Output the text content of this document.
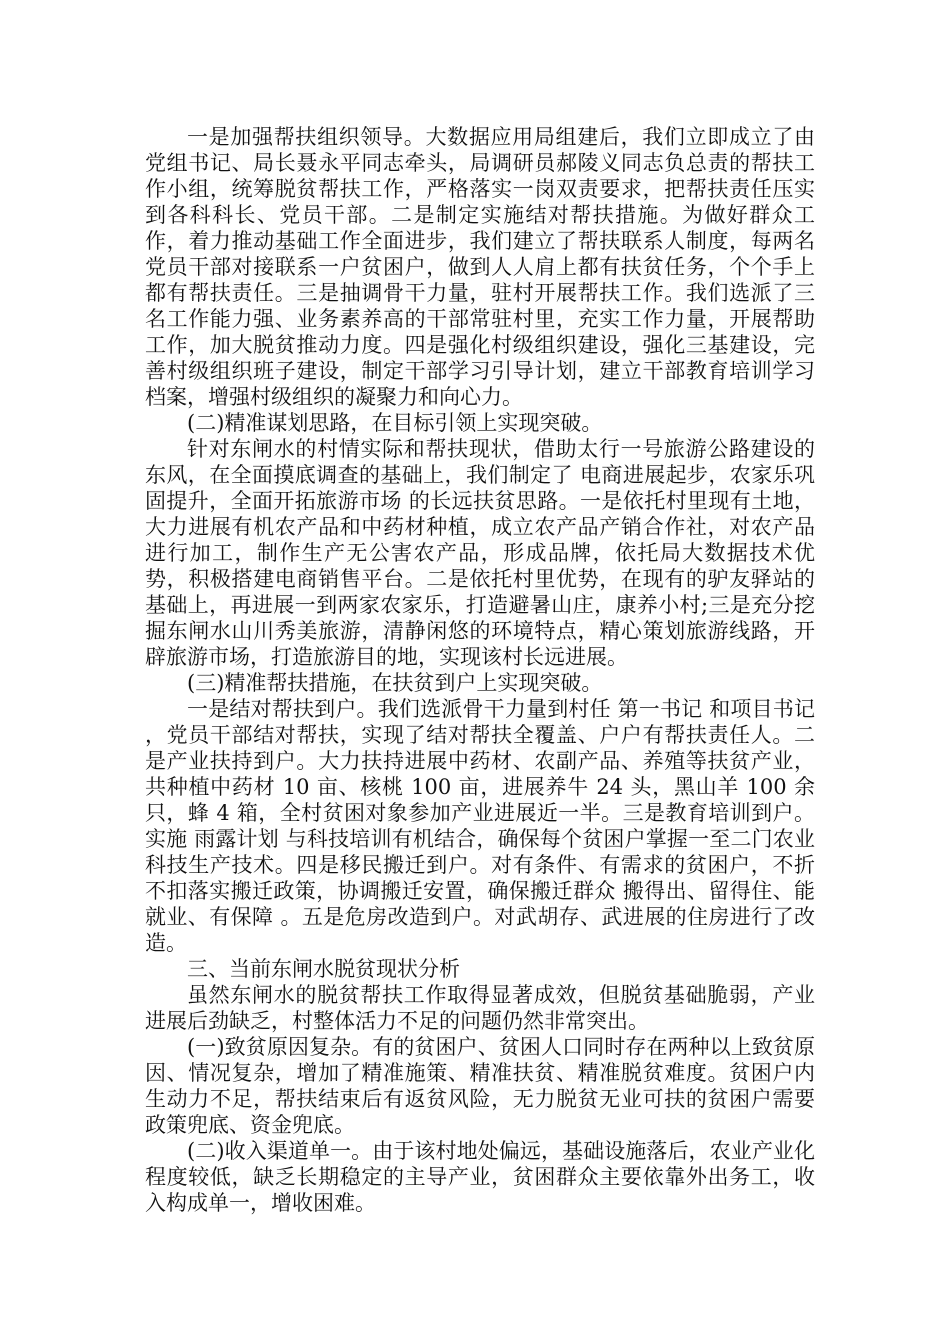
一是加强帮扶组织领导。大数据应用局组建后，我们立即成立了由党组书记、局长聂永平同志牵头，局调研员郝陵义同志负总责的帮扶工作小组，统筹脱贫帮扶工作，严格落实一岗双责要求，把帮扶责任压实到各科科长、党员干部。二是制定实施结对帮扶措施。为做好群众工作，着力推动基础工作全面进步，我们建立了帮扶联系人制度，每两名党员干部对接联系一户贫困户，做到人人肩上都有扶贫任务，个个手上都有帮扶责任。三是抽调骨干力量，驻村开展帮扶工作。我们选派了三名工作能力强、业务素养高的干部常驻村里，充实工作力量，开展帮助工作，加大脱贫推动力度。四是强化村级组织建设，强化三基建设，完善村级组织班子建设，制定干部学习引导计划，建立干部教育培训学习档案，增强村级组织的凝聚力和向心力。

(二)精准谋划思路，在目标引领上实现突破。

针对东闸水的村情实际和帮扶现状，借助太行一号旅游公路建设的东风，在全面摸底调查的基础上，我们制定了 电商进展起步，农家乐巩固提升，全面开拓旅游市场 的长远扶贫思路。一是依托村里现有土地，大力进展有机农产品和中药材种植，成立农产品产销合作社，对农产品进行加工，制作生产无公害农产品，形成品牌，依托局大数据技术优势，积极搭建电商销售平台。二是依托村里优势，在现有的驴友驿站的基础上，再进展一到两家农家乐，打造避暑山庄，康养小村;三是充分挖掘东闸水山川秀美旅游，清静闲悠的环境特点，精心策划旅游线路，开辟旅游市场，打造旅游目的地，实现该村长远进展。

(三)精准帮扶措施，在扶贫到户上实现突破。

一是结对帮扶到户。我们选派骨干力量到村任 第一书记 和项目书记 ，党员干部结对帮扶，实现了结对帮扶全覆盖、户户有帮扶责任人。二是产业扶持到户。大力扶持进展中药材、农副产品、养殖等扶贫产业，共种植中药材 10 亩、核桃 100 亩，进展养牛 24 头，黑山羊 100 余只，蜂 4 箱，全村贫困对象参加产业进展近一半。三是教育培训到户。实施 雨露计划 与科技培训有机结合，确保每个贫困户掌握一至二门农业科技生产技术。四是移民搬迁到户。对有条件、有需求的贫困户，不折不扣落实搬迁政策，协调搬迁安置，确保搬迁群众 搬得出、留得住、能就业、有保障 。五是危房改造到户。对武胡存、武进展的住房进行了改造。

三、当前东闸水脱贫现状分析

虽然东闸水的脱贫帮扶工作取得显著成效，但脱贫基础脆弱，产业进展后劲缺乏，村整体活力不足的问题仍然非常突出。

(一)致贫原因复杂。有的贫困户、贫困人口同时存在两种以上致贫原因、情况复杂，增加了精准施策、精准扶贫、精准脱贫难度。贫困户内生动力不足，帮扶结束后有返贫风险，无力脱贫无业可扶的贫困户需要政策兜底、资金兜底。

(二)收入渠道单一。由于该村地处偏远，基础设施落后，农业产业化程度较低，缺乏长期稳定的主导产业，贫困群众主要依靠外出务工，收入构成单一，增收困难。
